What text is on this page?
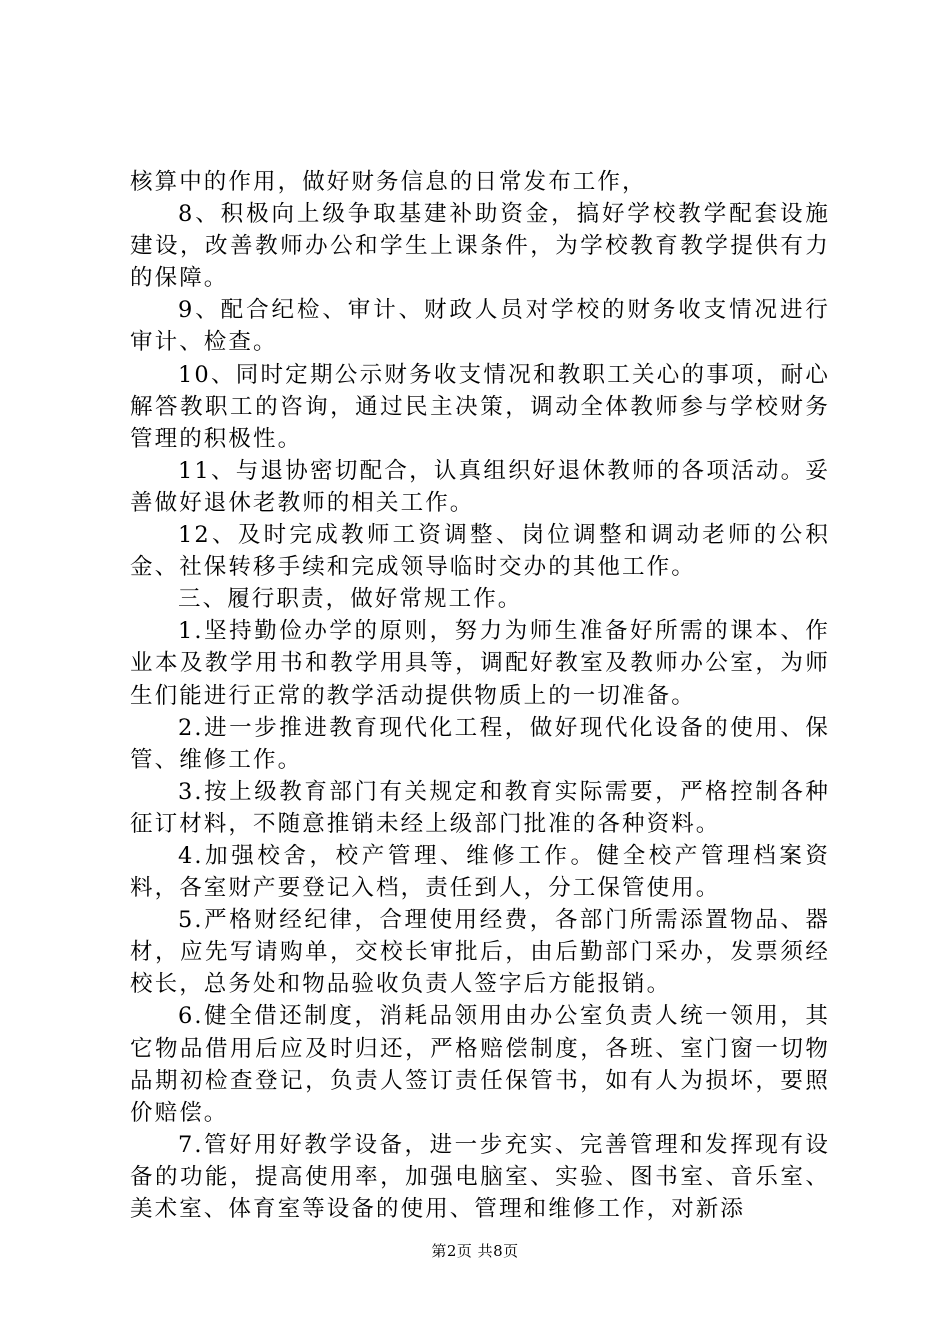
核算中的作用，做好财务信息的日常发布工作，

8、积极向上级争取基建补助资金，搞好学校教学配套设施建设，改善教师办公和学生上课条件，为学校教育教学提供有力的保障。

9、配合纪检、审计、财政人员对学校的财务收支情况进行审计、检查。

10、同时定期公示财务收支情况和教职工关心的事项，耐心解答教职工的咨询，通过民主决策，调动全体教师参与学校财务管理的积极性。

11、与退协密切配合，认真组织好退休教师的各项活动。妥善做好退休老教师的相关工作。

12、及时完成教师工资调整、岗位调整和调动老师的公积金、社保转移手续和完成领导临时交办的其他工作。

三、履行职责，做好常规工作。

1.坚持勤俭办学的原则，努力为师生准备好所需的课本、作业本及教学用书和教学用具等，调配好教室及教师办公室，为师生们能进行正常的教学活动提供物质上的一切准备。

2.进一步推进教育现代化工程，做好现代化设备的使用、保管、维修工作。

3.按上级教育部门有关规定和教育实际需要，严格控制各种征订材料，不随意推销未经上级部门批准的各种资料。

4.加强校舍，校产管理、维修工作。健全校产管理档案资料，各室财产要登记入档，责任到人，分工保管使用。

5.严格财经纪律，合理使用经费，各部门所需添置物品、器材，应先写请购单，交校长审批后，由后勤部门采办，发票须经校长，总务处和物品验收负责人签字后方能报销。

6.健全借还制度，消耗品领用由办公室负责人统一领用，其它物品借用后应及时归还，严格赔偿制度，各班、室门窗一切物品期初检查登记，负责人签订责任保管书，如有人为损坏，要照价赔偿。

7.管好用好教学设备，进一步充实、完善管理和发挥现有设备的功能，提高使用率，加强电脑室、实验、图书室、音乐室、美术室、体育室等设备的使用、管理和维修工作，对新添

第2页 共8页
